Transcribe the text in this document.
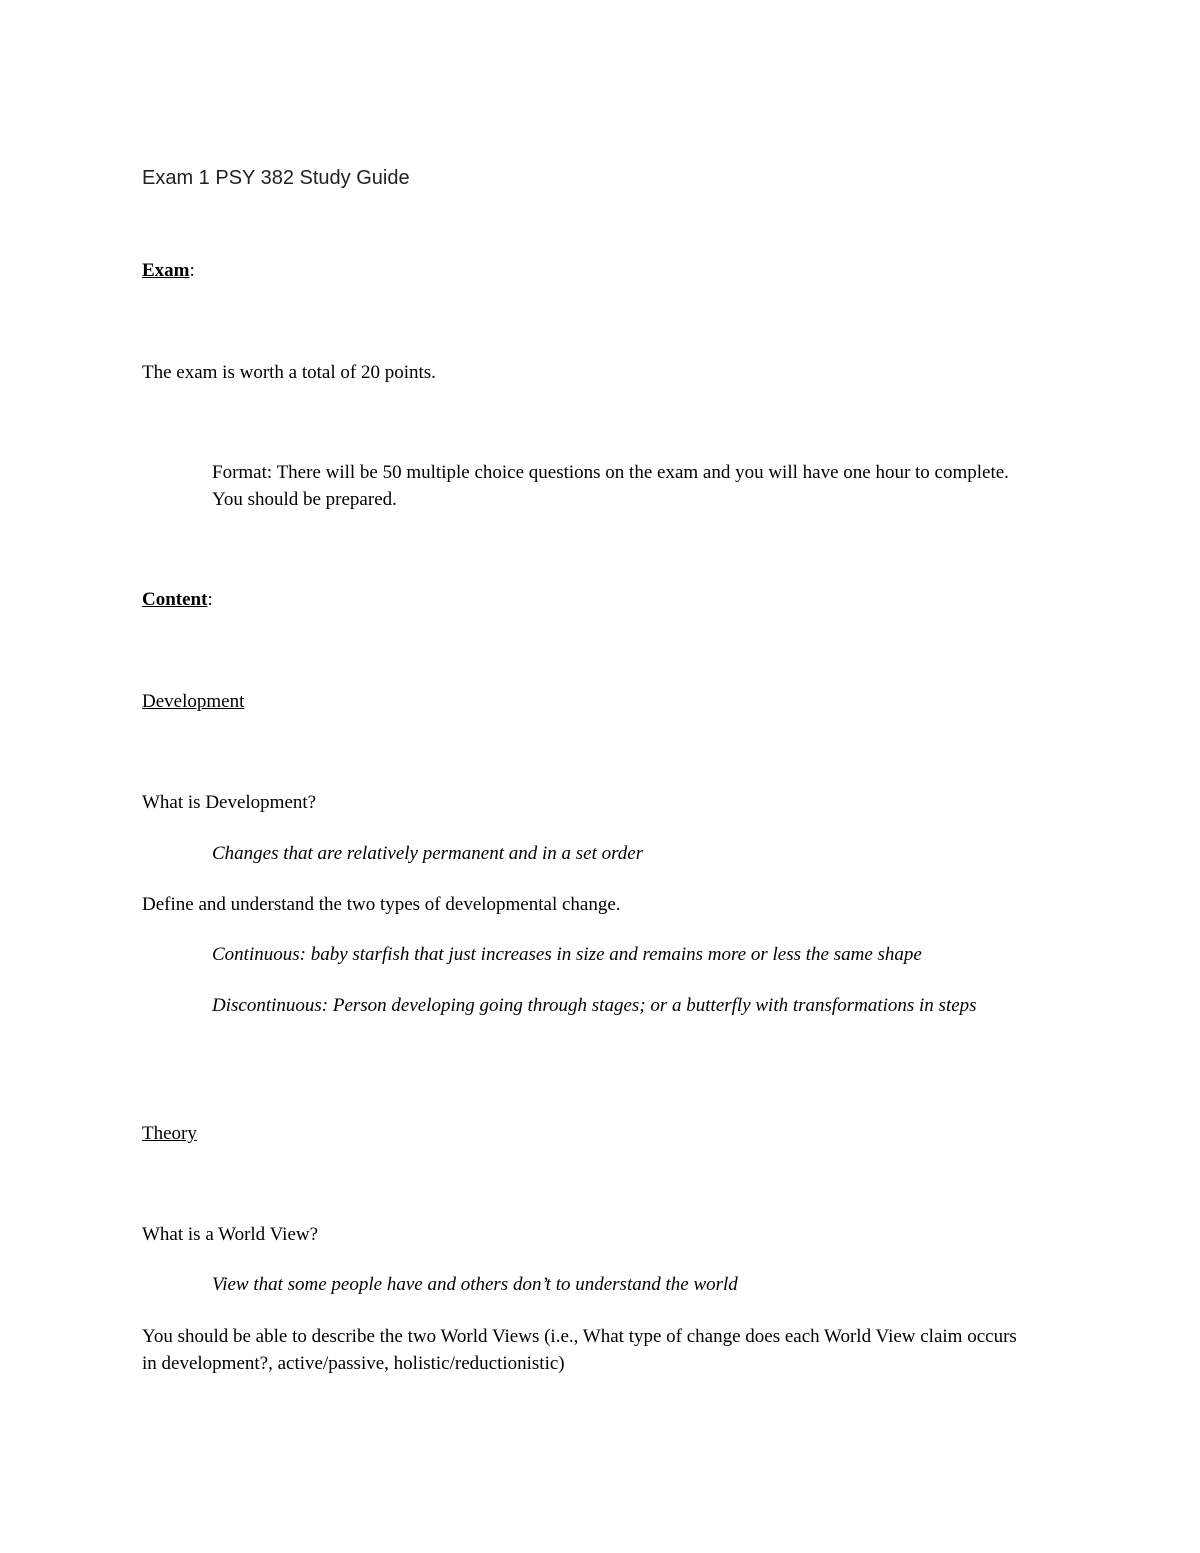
Exam 1 PSY 382 Study Guide
Exam:
The exam is worth a total of 20 points.
Format: There will be 50 multiple choice questions on the exam and you will have one hour to complete. You should be prepared.
Content:
Development
What is Development?
Changes that are relatively permanent and in a set order
Define and understand the two types of developmental change.
Continuous: baby starfish that just increases in size and remains more or less the same shape
Discontinuous: Person developing going through stages; or a butterfly with transformations in steps
Theory
What is a World View?
View that some people have and others don’t to understand the world
You should be able to describe the two World Views (i.e., What type of change does each World View claim occurs in development?, active/passive, holistic/reductionistic)
